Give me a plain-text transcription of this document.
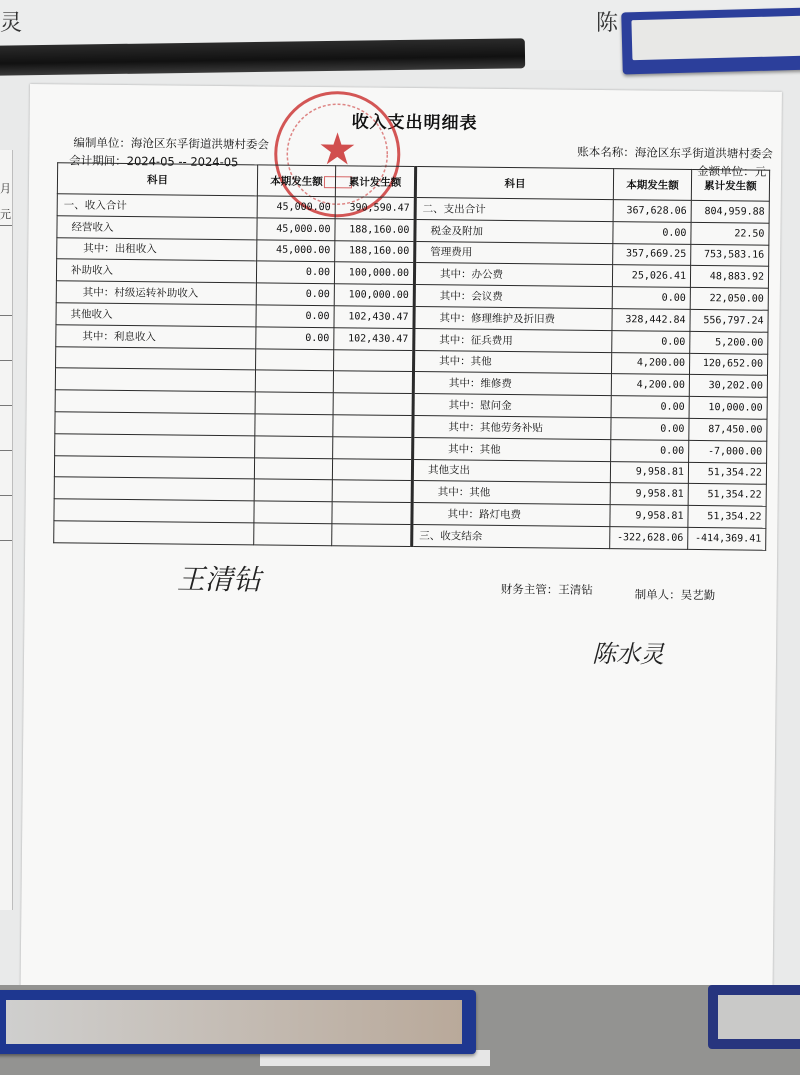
灵	陈
月
元
收入支出明细表
★
编制单位：海沧区东孚街道洪塘村委会
会计期间：2024-05 -- 2024-05
账本名称：海沧区东孚街道洪塘村委会
金额单位：元
科目	本期发生额	累计发生额	科目	本期发生额	累计发生额
一、收入合计	45,000.00	390,590.47	二、支出合计	367,628.06	804,959.88
经营收入	45,000.00	188,160.00	税金及附加	0.00	22.50
其中：出租收入	45,000.00	188,160.00	管理费用	357,669.25	753,583.16
补助收入	0.00	100,000.00	其中：办公费	25,026.41	48,883.92
其中：村级运转补助收入	0.00	100,000.00	其中：会议费	0.00	22,050.00
其他收入	0.00	102,430.47	其中：修理维护及折旧费	328,442.84	556,797.24
其中：利息收入	0.00	102,430.47	其中：征兵费用	0.00	5,200.00
			其中：其他	4,200.00	120,652.00
			其中：维修费	4,200.00	30,202.00
			其中：慰问金	0.00	10,000.00
			其中：其他劳务补贴	0.00	87,450.00
			其中：其他	0.00	-7,000.00
			其他支出	9,958.81	51,354.22
			其中：其他	9,958.81	51,354.22
			其中：路灯电费	9,958.81	51,354.22
			三、收支结余	-322,628.06	-414,369.41
王清钻	财务主管：王清钻	制单人：吴艺勤
陈水灵
